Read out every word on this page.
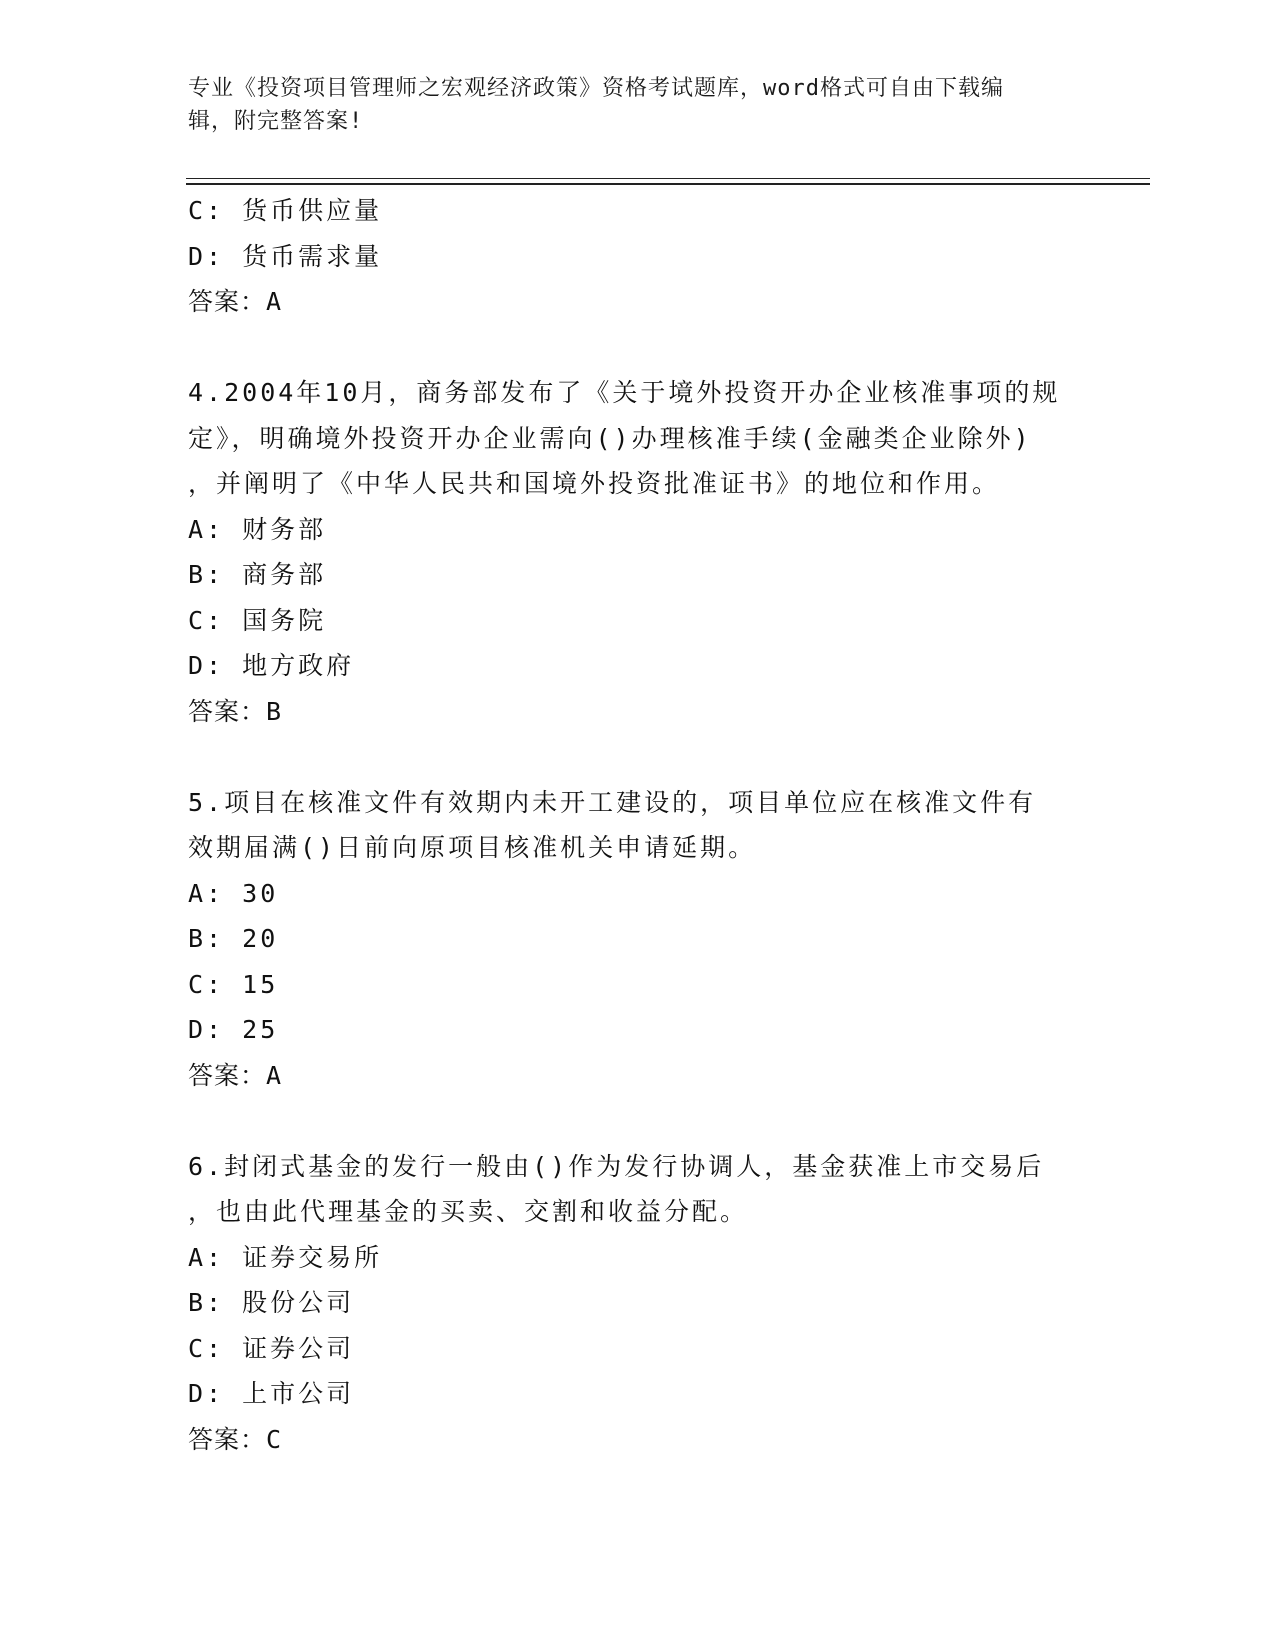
专业《投资项目管理师之宏观经济政策》资格考试题库，word格式可自由下载编
辑，附完整答案!
C: 货币供应量
D: 货币需求量
答案：A
4.2004年10月，商务部发布了《关于境外投资开办企业核准事项的规
定》，明确境外投资开办企业需向()办理核准手续(金融类企业除外)
，并阐明了《中华人民共和国境外投资批准证书》的地位和作用。
A: 财务部
B: 商务部
C: 国务院
D: 地方政府
答案：B
5.项目在核准文件有效期内未开工建设的，项目单位应在核准文件有
效期届满()日前向原项目核准机关申请延期。
A: 30
B: 20
C: 15
D: 25
答案：A
6.封闭式基金的发行一般由()作为发行协调人，基金获准上市交易后
，也由此代理基金的买卖、交割和收益分配。
A: 证券交易所
B: 股份公司
C: 证券公司
D: 上市公司
答案：C
